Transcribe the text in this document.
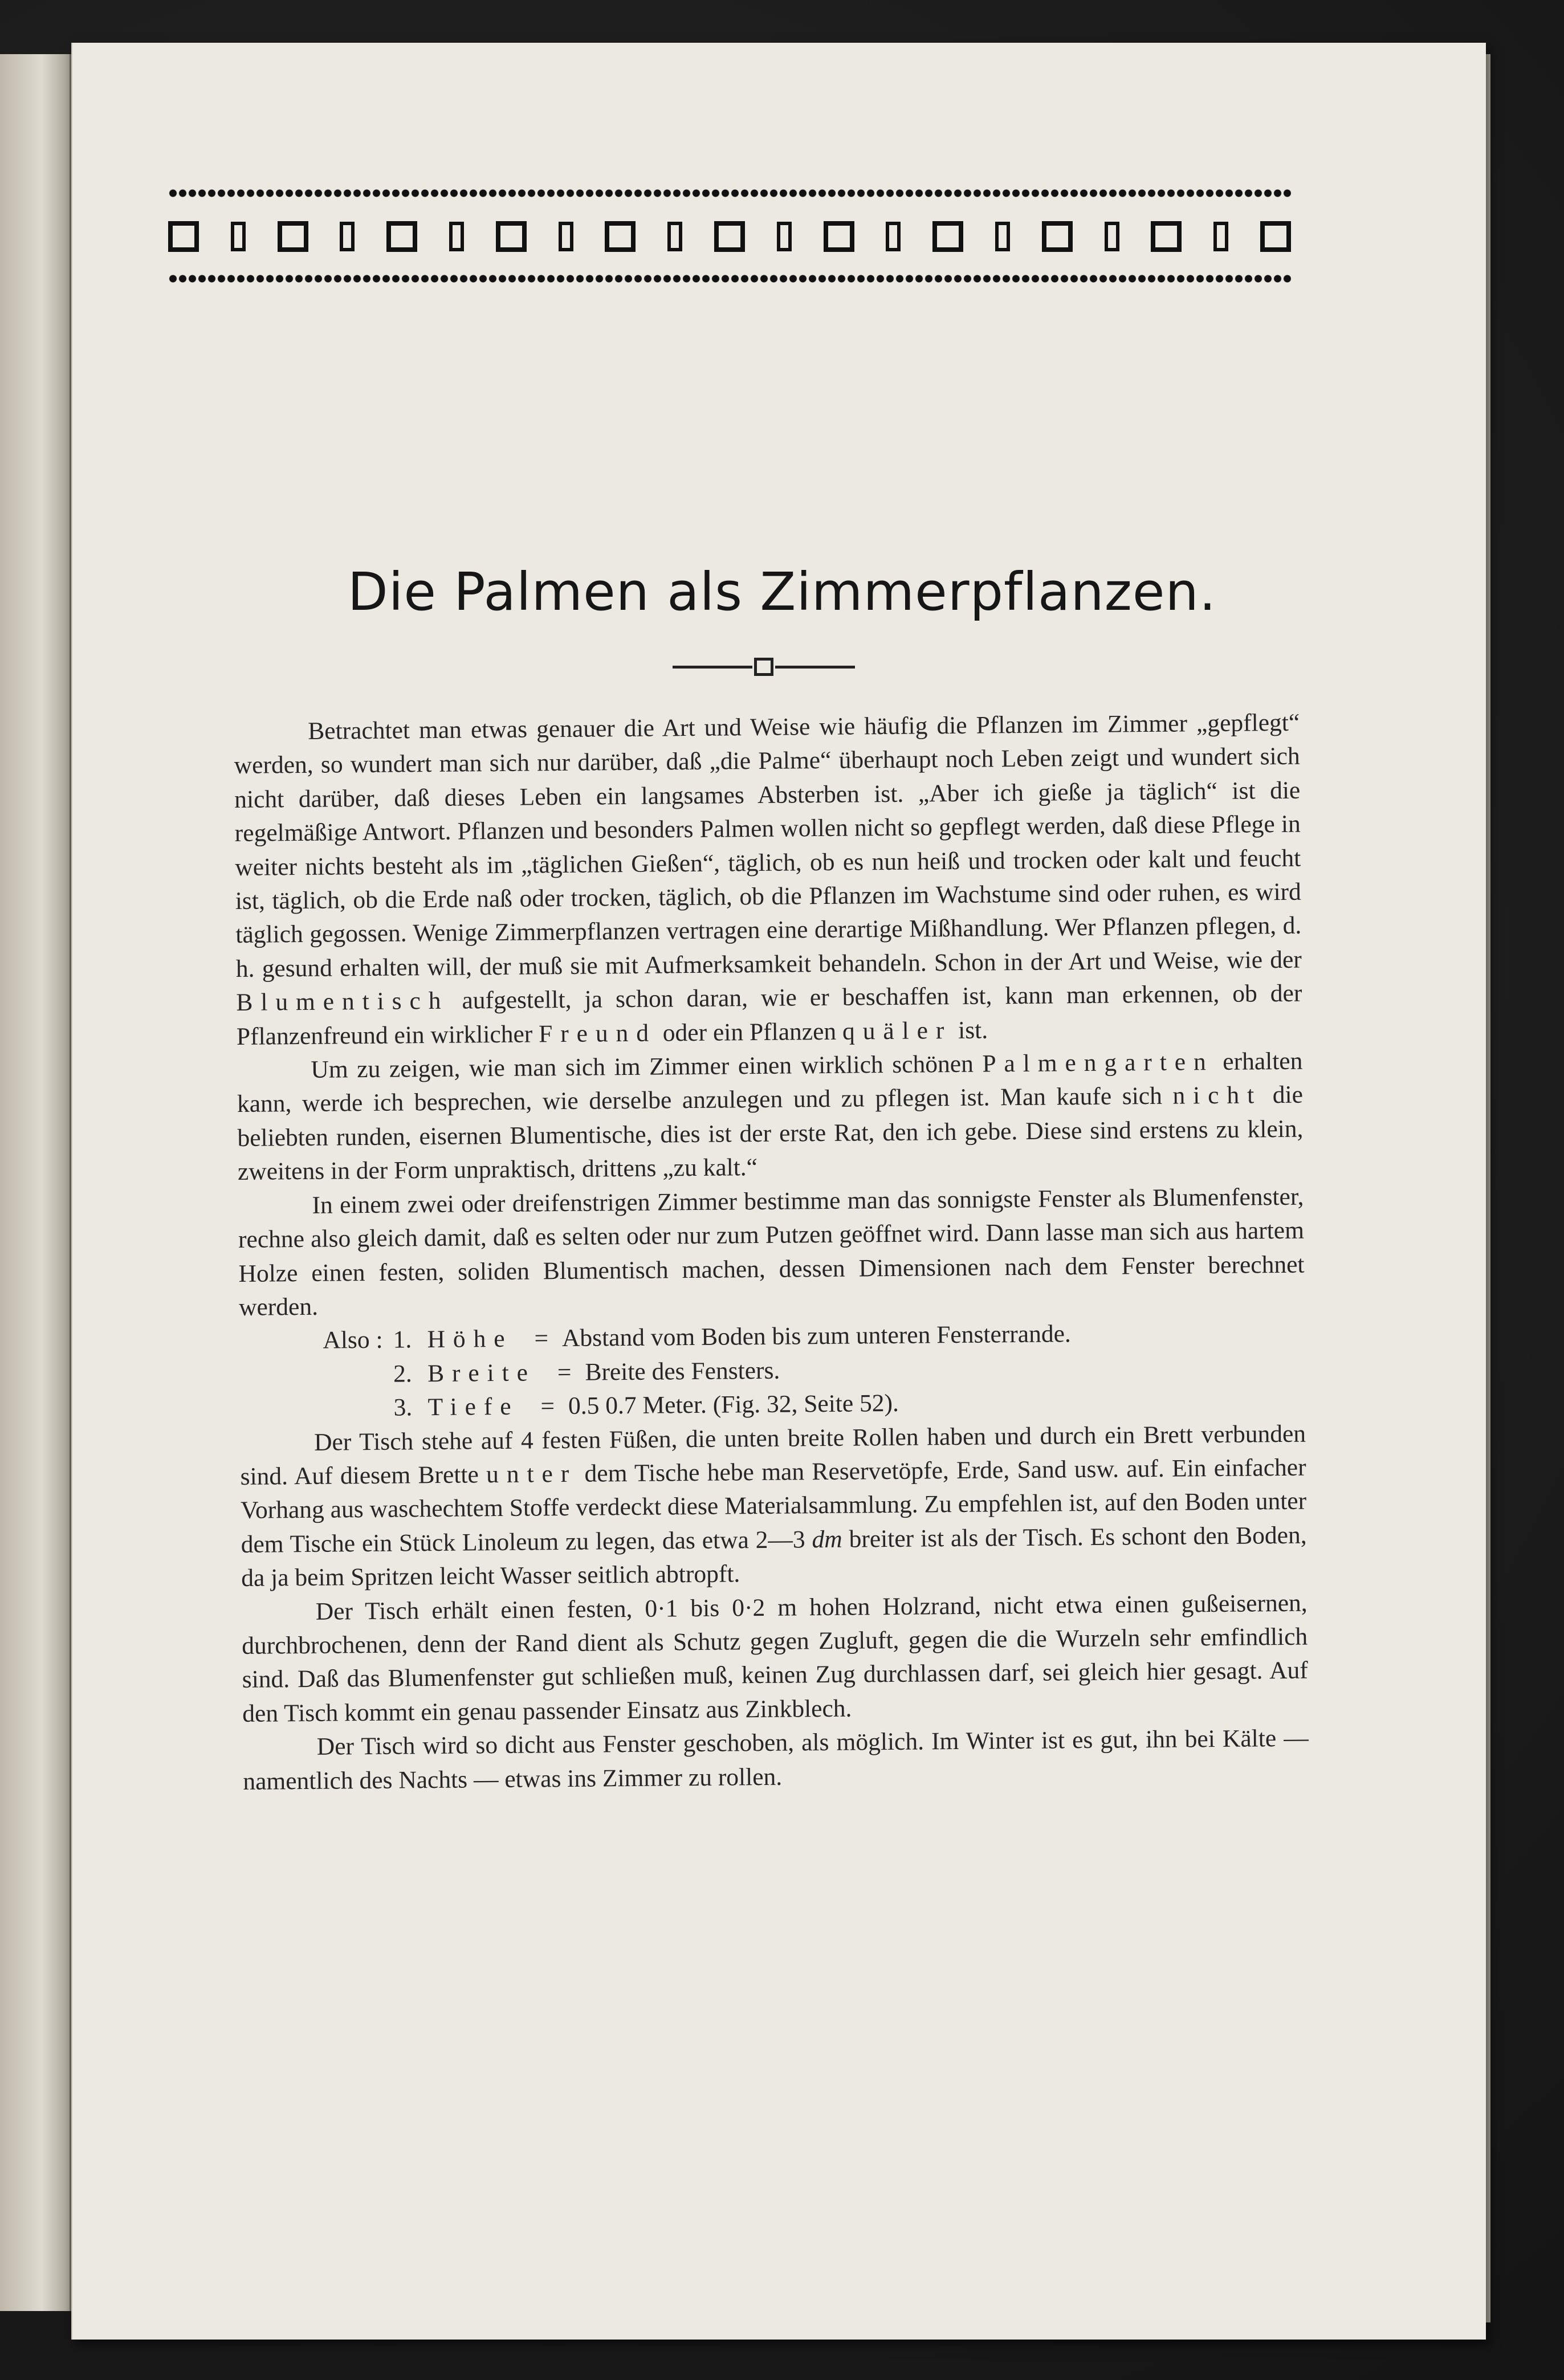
Die Palmen als Zimmerpflanzen.

Betrachtet man etwas genauer die Art und Weise wie häufig die Pflanzen im Zimmer „gepflegt“ werden, so wundert man sich nur darüber, daß „die Palme“ überhaupt noch Leben zeigt und wundert sich nicht darüber, daß dieses Leben ein langsames Absterben ist. „Aber ich gieße ja täglich“ ist die regelmäßige Antwort. Pflanzen und besonders Palmen wollen nicht so gepflegt werden, daß diese Pflege in weiter nichts besteht als im „täglichen Gießen“, täglich, ob es nun heiß und trocken oder kalt und feucht ist, täglich, ob die Erde naß oder trocken, täglich, ob die Pflanzen im Wachstume sind oder ruhen, es wird täglich gegossen. Wenige Zimmerpflanzen vertragen eine derartige Mißhandlung. Wer Pflanzen pflegen, d. h. gesund erhalten will, der muß sie mit Aufmerksamkeit behandeln. Schon in der Art und Weise, wie der Blumentisch aufgestellt, ja schon daran, wie er beschaffen ist, kann man erkennen, ob der Pflanzenfreund ein wirklicher Freund oder ein Pflanzen quäler ist.

Um zu zeigen, wie man sich im Zimmer einen wirklich schönen Palmengarten erhalten kann, werde ich besprechen, wie derselbe anzulegen und zu pflegen ist. Man kaufe sich nicht die beliebten runden, eisernen Blumentische, dies ist der erste Rat, den ich gebe. Diese sind erstens zu klein, zweitens in der Form unpraktisch, drittens „zu kalt.“

In einem zwei oder dreifenstrigen Zimmer bestimme man das sonnigste Fenster als Blumenfenster, rechne also gleich damit, daß es selten oder nur zum Putzen geöffnet wird. Dann lasse man sich aus hartem Holze einen festen, soliden Blumentisch machen, dessen Dimensionen nach dem Fenster berechnet werden.

Also : 1. Höhe = Abstand vom Boden bis zum unteren Fensterrande.
2. Breite = Breite des Fensters.
3. Tiefe = 0.5 0.7 Meter. (Fig. 32, Seite 52).

Der Tisch stehe auf 4 festen Füßen, die unten breite Rollen haben und durch ein Brett verbunden sind. Auf diesem Brette unter dem Tische hebe man Reservetöpfe, Erde, Sand usw. auf. Ein einfacher Vorhang aus waschechtem Stoffe verdeckt diese Materialsammlung. Zu empfehlen ist, auf den Boden unter dem Tische ein Stück Linoleum zu legen, das etwa 2—3 dm breiter ist als der Tisch. Es schont den Boden, da ja beim Spritzen leicht Wasser seitlich abtropft.

Der Tisch erhält einen festen, 0·1 bis 0·2 m hohen Holzrand, nicht etwa einen gußeisernen, durchbrochenen, denn der Rand dient als Schutz gegen Zugluft, gegen die die Wurzeln sehr emfindlich sind. Daß das Blumenfenster gut schließen muß, keinen Zug durchlassen darf, sei gleich hier gesagt. Auf den Tisch kommt ein genau passender Einsatz aus Zinkblech.

Der Tisch wird so dicht aus Fenster geschoben, als möglich. Im Winter ist es gut, ihn bei Kälte — namentlich des Nachts — etwas ins Zimmer zu rollen.
